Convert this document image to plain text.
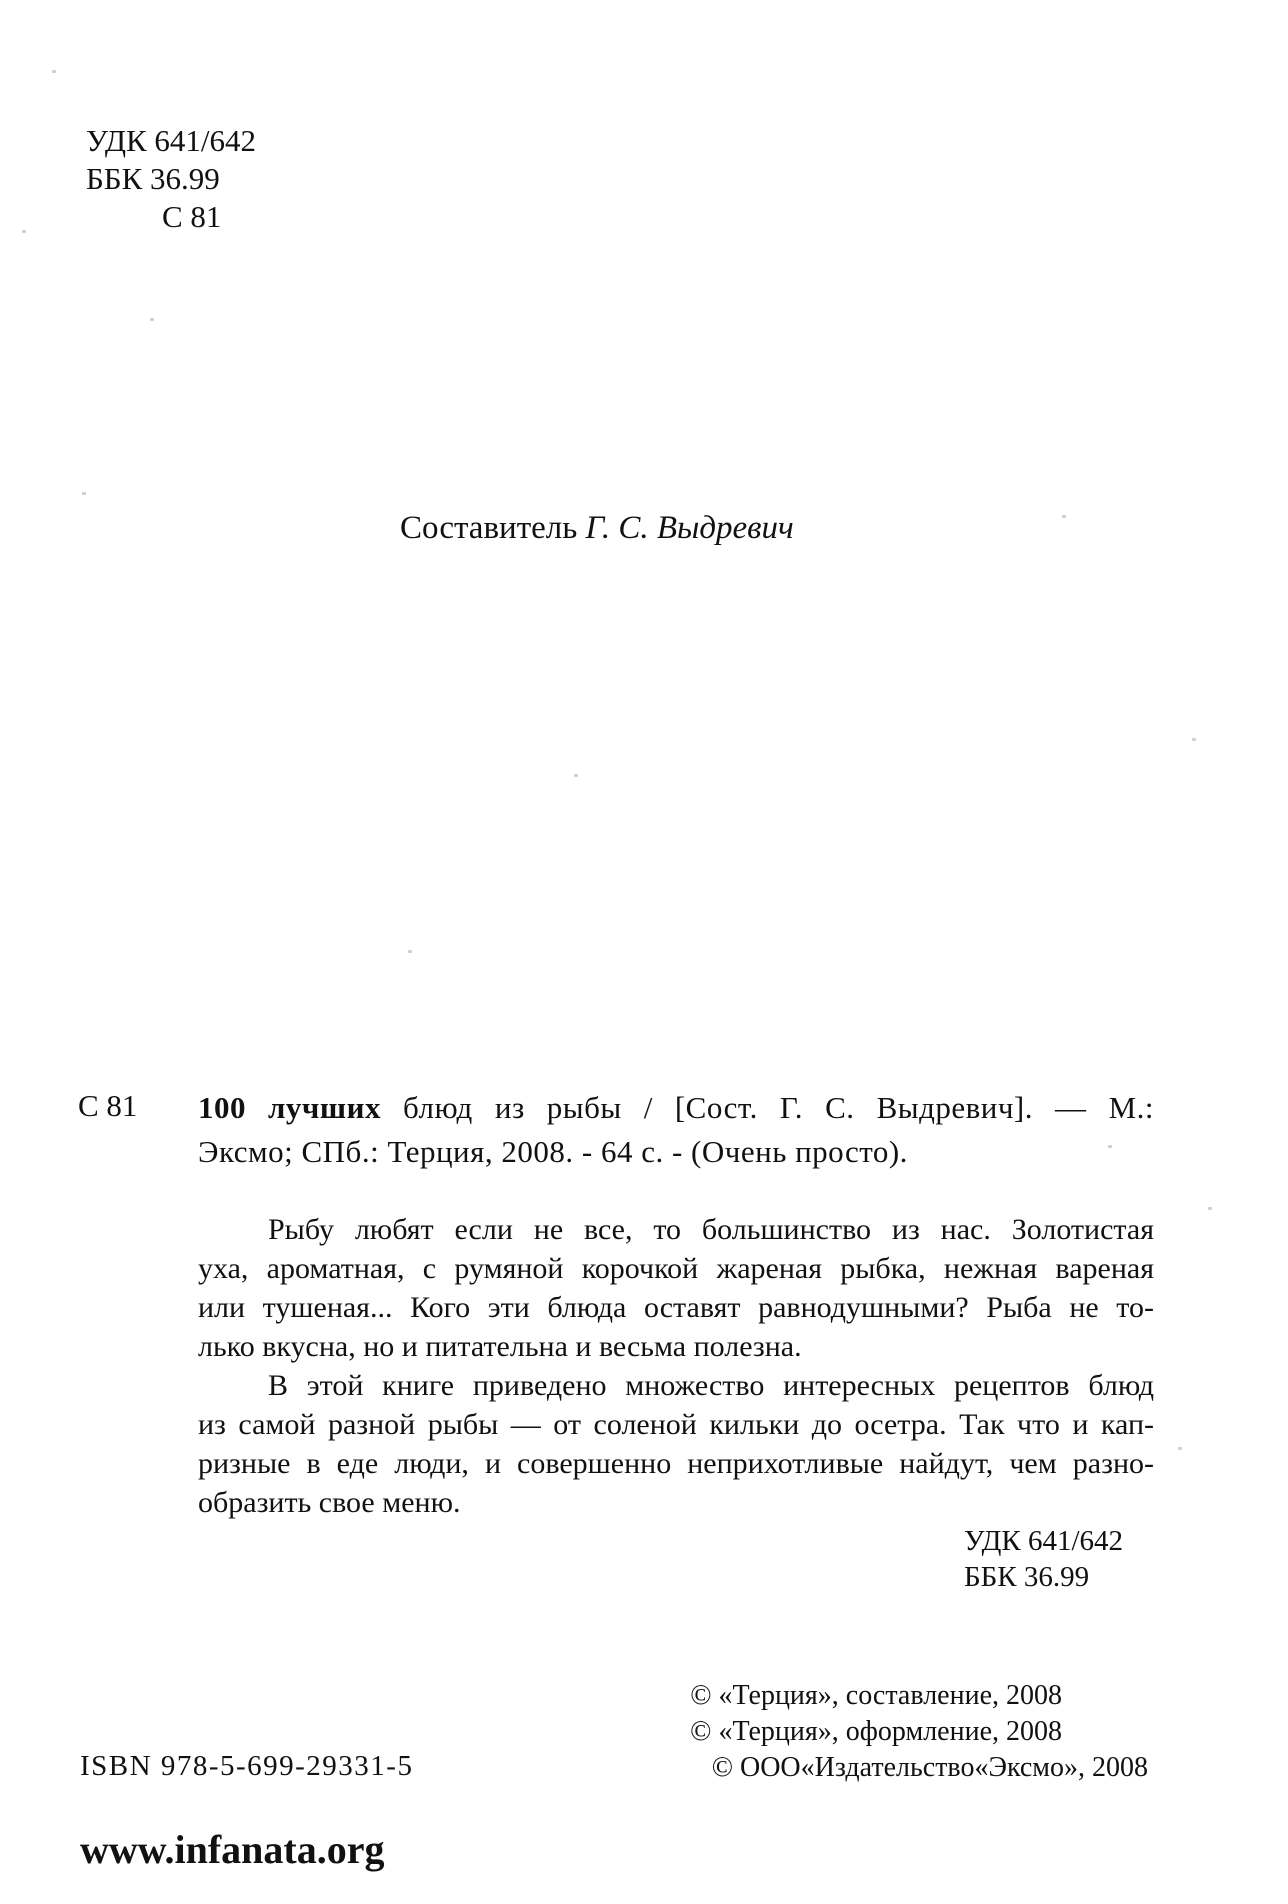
УДК 641/642
ББК 36.99
С 81
Составитель Г. С. Выдревич
С 81 100 лучших блюд из рыбы / [Сост. Г. С. Выдревич]. — М.:
Эксмо; СПб.: Терция, 2008. - 64 с. - (Очень просто).
Рыбу любят если не все, то большинство из нас. Золотистая
уха, ароматная, с румяной корочкой жареная рыбка, нежная вареная
или тушеная... Кого эти блюда оставят равнодушными? Рыба не то-
лько вкусна, но и питательна и весьма полезна.
В этой книге приведено множество интересных рецептов блюд
из самой разной рыбы — от соленой кильки до осетра. Так что и кап-
ризные в еде люди, и совершенно неприхотливые найдут, чем разно-
образить свое меню.
УДК 641/642
ББК 36.99
© «Терция», составление, 2008
© «Терция», оформление, 2008
© ООО«Издательство«Эксмо», 2008
ISBN 978-5-699-29331-5
www.infanata.org
